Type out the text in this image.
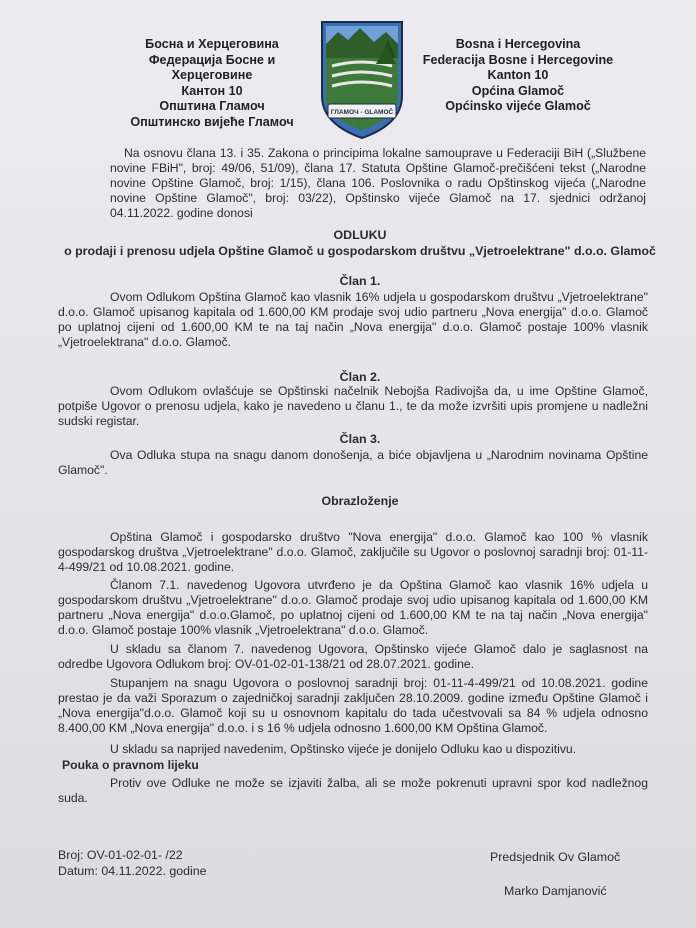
Босна и Херцеговина
Федерација Босне и Херцеговине
Кантон 10
Општина Гламоч
Општинско вијеће Гламоч
ГЛАМОЧ - GLAMOČ
Bosna i Hercegovina
Federacija Bosne i Hercegovine
Kanton 10
Općina Glamoč
Općinsko vijeće Glamoč
Na osnovu člana 13. i 35. Zakona o principima lokalne samouprave u Federaciji BiH („Službene novine FBiH", broj: 49/06, 51/09), člana 17. Statuta Opštine Glamoč-prečišćeni tekst („Narodne novine Opštine Glamoč, broj: 1/15), člana 106. Poslovnika o radu Opštinskog vijeća („Narodne novine Opštine Glamoč", broj: 03/22), Opštinsko vijeće Glamoč na 17. sjednici održanoj 04.11.2022. godine donosi
ODLUKU
o prodaji i prenosu udjela Opštine Glamoč u gospodarskom društvu „Vjetroelektrane" d.o.o. Glamoč
Član 1.
Ovom Odlukom Opština Glamoč kao vlasnik 16% udjela u gospodarskom društvu „Vjetroelektrane" d.o.o. Glamoč upisanog kapitala od 1.600,00 KM prodaje svoj udio partneru „Nova energija" d.o.o. Glamoč po uplatnoj cijeni od 1.600,00 KM te na taj način „Nova energija" d.o.o. Glamoč postaje 100% vlasnik „Vjetroelektrana" d.o.o. Glamoč.
Član 2.
Ovom Odlukom ovlašćuje se Opštinski načelnik Nebojša Radivojša da, u ime Opštine Glamoč, potpiše Ugovor o prenosu udjela, kako je navedeno u članu 1., te da može izvršiti upis promjene u nadležni sudski registar.
Član 3.
Ova Odluka stupa na snagu danom donošenja, a biće objavljena u „Narodnim novinama Opštine Glamoč".
Obrazloženje
Opština Glamoč i gospodarsko društvo "Nova energija" d.o.o. Glamoč kao 100 % vlasnik gospodarskog društva „Vjetroelektrane" d.o.o. Glamoč, zaključile su Ugovor o poslovnoj saradnji broj: 01-11-4-499/21 od 10.08.2021. godine.
Članom 7.1. navedenog Ugovora utvrđeno je da Opština Glamoč kao vlasnik 16% udjela u gospodarskom društvu „Vjetroelektrane" d.o.o. Glamoč prodaje svoj udio upisanog kapitala od 1.600,00 KM partneru „Nova energija" d.o.o.Glamoč, po uplatnoj cijeni od 1.600,00 KM te na taj način „Nova energija" d.o.o. Glamoč postaje 100% vlasnik „Vjetroelektrana" d.o.o. Glamoč.
U skladu sa članom 7. navedenog Ugovora, Opštinsko vijeće Glamoč dalo je saglasnost na odredbe Ugovora Odlukom broj: OV-01-02-01-138/21 od 28.07.2021. godine.
Stupanjem na snagu Ugovora o poslovnoj saradnji broj: 01-11-4-499/21 od 10.08.2021. godine prestao je da važi Sporazum o zajedničkoj saradnji zaključen 28.10.2009. godine između Opštine Glamoč i „Nova energija"d.o.o. Glamoč koji su u osnovnom kapitalu do tada učestvovali sa 84 % udjela odnosno 8.400,00 KM „Nova energija" d.o.o. i s 16 % udjela odnosno 1.600,00 KM Opština Glamoč.
U skladu sa naprijed navedenim, Opštinsko vijeće je donijelo Odluku kao u dispozitivu.
Pouka o pravnom lijeku
Protiv ove Odluke ne može se izjaviti žalba, ali se može pokrenuti upravni spor kod nadležnog suda.
Broj: OV-01-02-01- /22
Datum: 04.11.2022. godine
Predsjednik Ov Glamoč
Marko Damjanović
